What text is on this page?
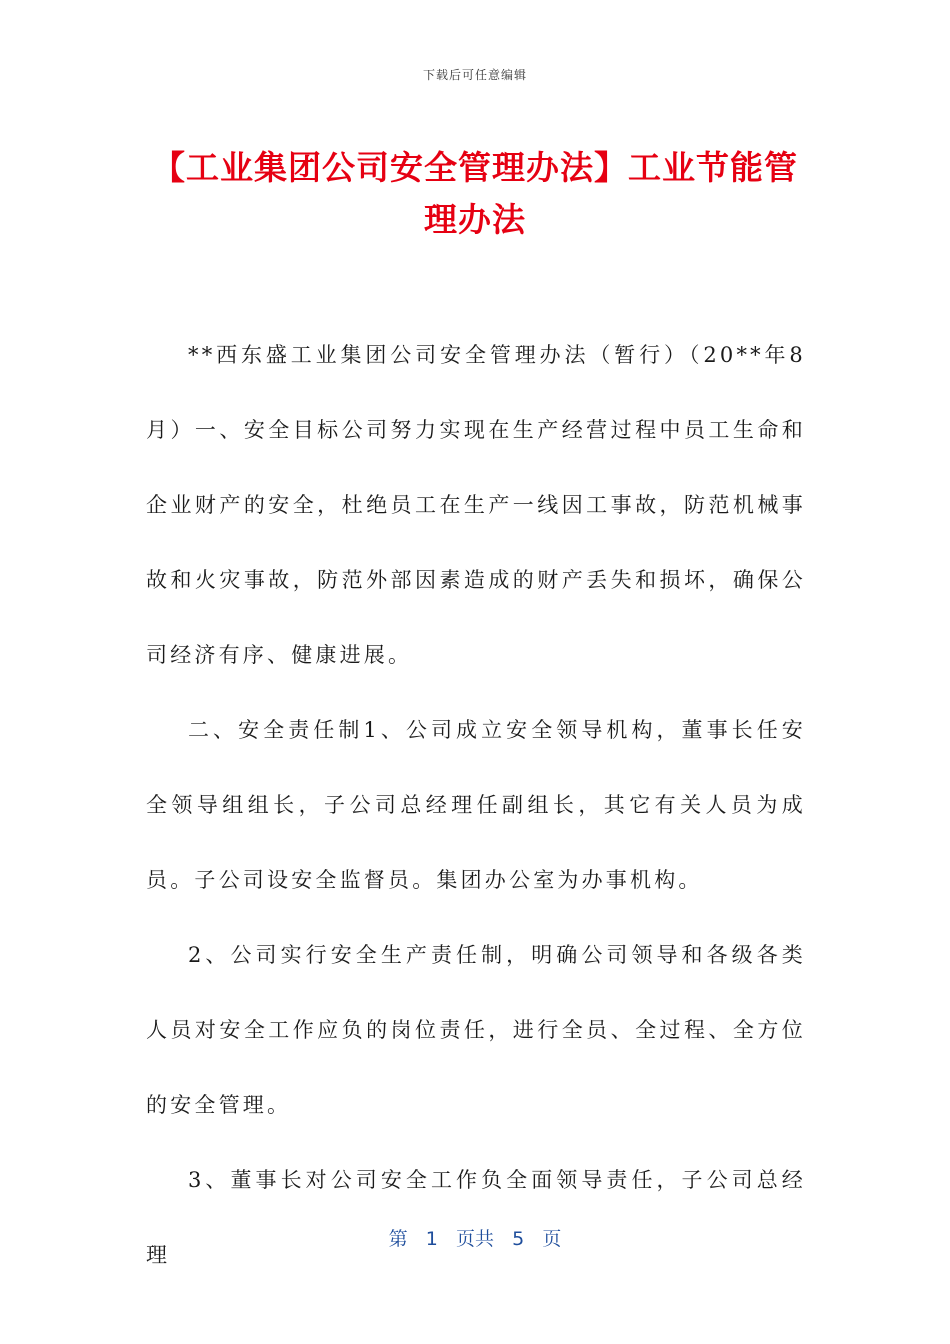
下载后可任意编辑
【工业集团公司安全管理办法】工业节能管理办法

**西东盛工业集团公司安全管理办法（暂行）（20**年8月）一、安全目标公司努力实现在生产经营过程中员工生命和企业财产的安全，杜绝员工在生产一线因工事故，防范机械事故和火灾事故，防范外部因素造成的财产丢失和损坏，确保公司经济有序、健康进展。

二、安全责任制1、公司成立安全领导机构，董事长任安全领导组组长，子公司总经理任副组长，其它有关人员为成员。子公司设安全监督员。集团办公室为办事机构。

2、公司实行安全生产责任制，明确公司领导和各级各类人员对安全工作应负的岗位责任，进行全员、全过程、全方位的安全管理。

3、董事长对公司安全工作负全面领导责任，子公司总经理

第 1 页共 5 页
